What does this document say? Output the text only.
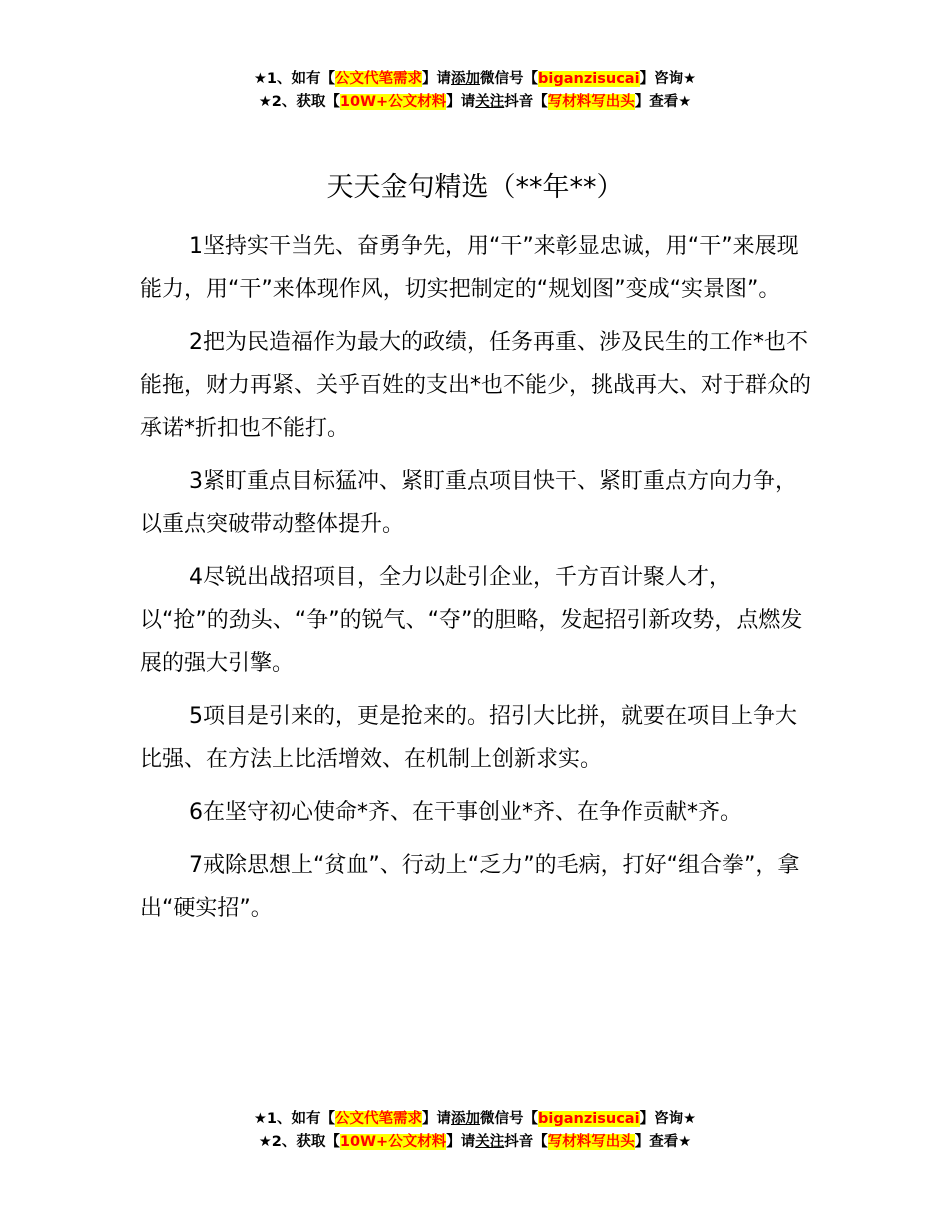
★1、如有【公文代笔需求】请添加微信号【biganzisucai】咨询★
★2、获取【10W+公文材料】请关注抖音【写材料写出头】查看★
天天金句精选（**年**）

1坚持实干当先、奋勇争先，用“干”来彰显忠诚，用“干”来展现能力，用“干”来体现作风，切实把制定的“规划图”变成“实景图”。

2把为民造福作为最大的政绩，任务再重、涉及民生的工作*也不能拖，财力再紧、关乎百姓的支出*也不能少，挑战再大、对于群众的承诺*折扣也不能打。

3紧盯重点目标猛冲、紧盯重点项目快干、紧盯重点方向力争，以重点突破带动整体提升。

4尽锐出战招项目，全力以赴引企业，千方百计聚人才，以“抢”的劲头、“争”的锐气、“夺”的胆略，发起招引新攻势，点燃发展的强大引擎。

5项目是引来的，更是抢来的。招引大比拼，就要在项目上争大比强、在方法上比活增效、在机制上创新求实。

6在坚守初心使命*齐、在干事创业*齐、在争作贡献*齐。

7戒除思想上“贫血”、行动上“乏力”的毛病，打好“组合拳”，拿出“硬实招”。

★1、如有【公文代笔需求】请添加微信号【biganzisucai】咨询★
★2、获取【10W+公文材料】请关注抖音【写材料写出头】查看★
